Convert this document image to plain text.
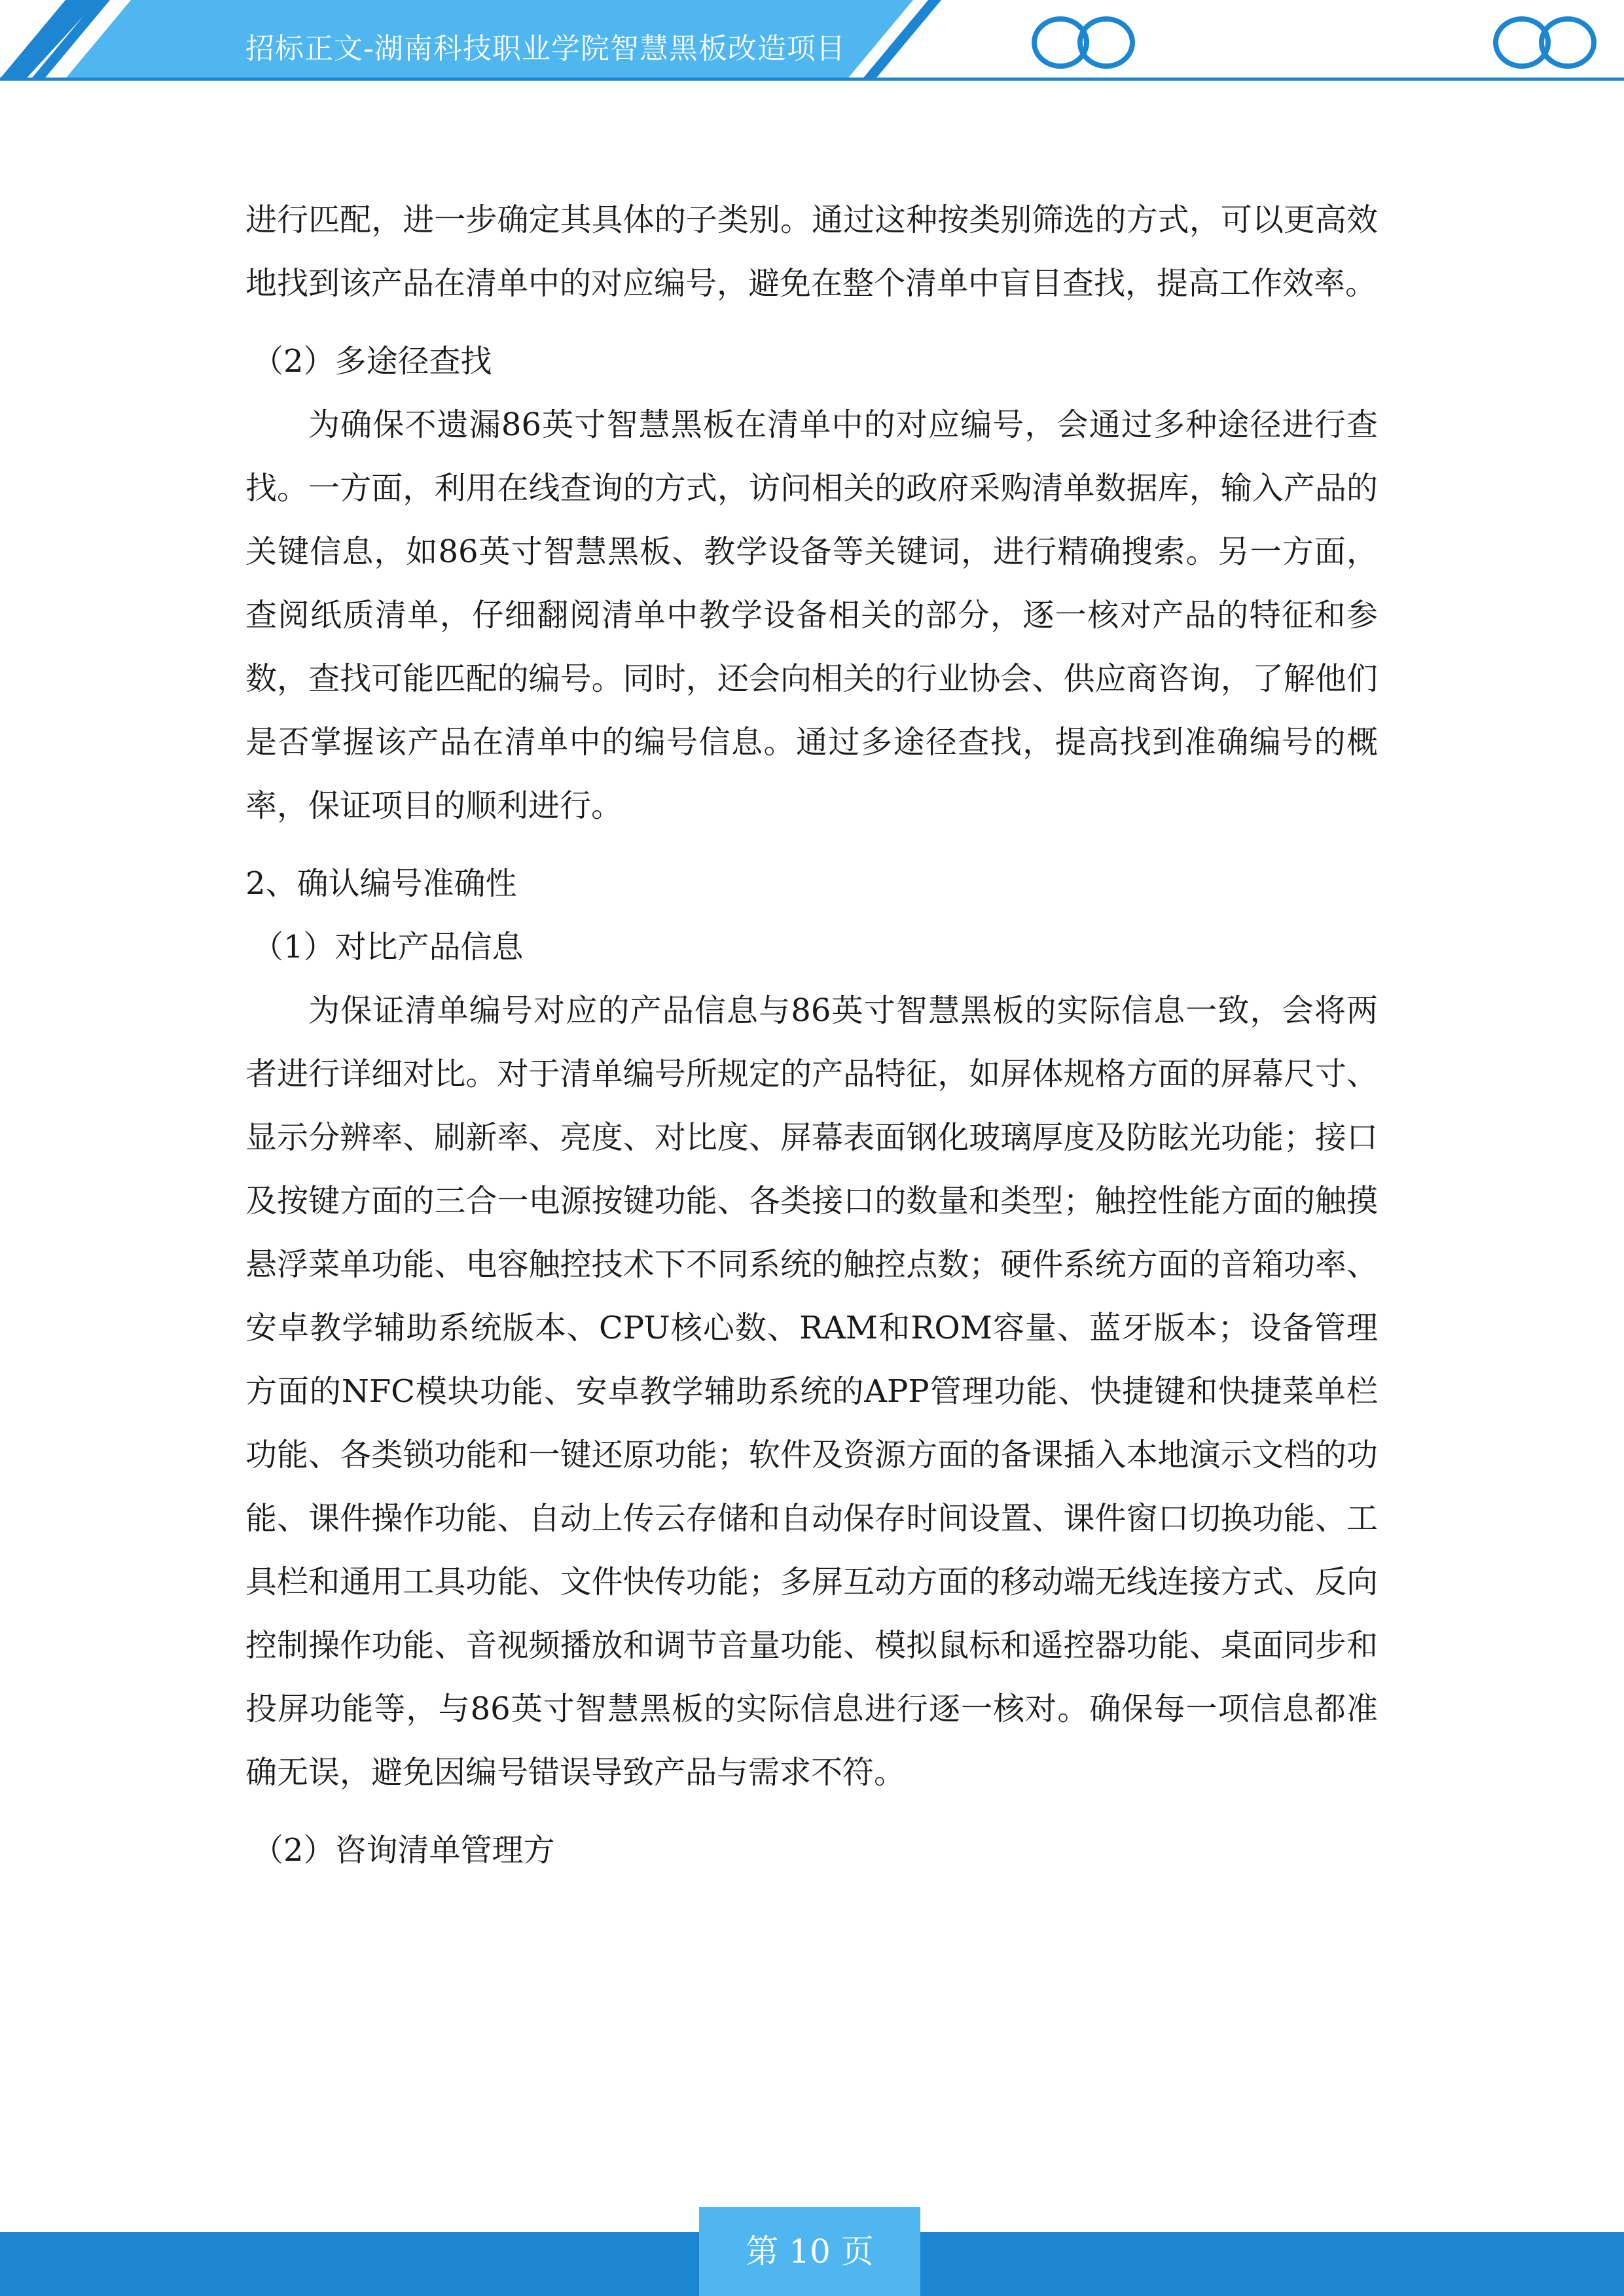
招标正文-湖南科技职业学院智慧黑板改造项目

进行匹配，进一步确定其具体的子类别。通过这种按类别筛选的方式，可以更高效地找到该产品在清单中的对应编号，避免在整个清单中盲目查找，提高工作效率。

（2）多途径查找

为确保不遗漏86英寸智慧黑板在清单中的对应编号，会通过多种途径进行查找。一方面，利用在线查询的方式，访问相关的政府采购清单数据库，输入产品的关键信息，如86英寸智慧黑板、教学设备等关键词，进行精确搜索。另一方面，查阅纸质清单，仔细翻阅清单中教学设备相关的部分，逐一核对产品的特征和参数，查找可能匹配的编号。同时，还会向相关的行业协会、供应商咨询，了解他们是否掌握该产品在清单中的编号信息。通过多途径查找，提高找到准确编号的概率，保证项目的顺利进行。

2、确认编号准确性

（1）对比产品信息

为保证清单编号对应的产品信息与86英寸智慧黑板的实际信息一致，会将两者进行详细对比。对于清单编号所规定的产品特征，如屏体规格方面的屏幕尺寸、显示分辨率、刷新率、亮度、对比度、屏幕表面钢化玻璃厚度及防眩光功能；接口及按键方面的三合一电源按键功能、各类接口的数量和类型；触控性能方面的触摸悬浮菜单功能、电容触控技术下不同系统的触控点数；硬件系统方面的音箱功率、安卓教学辅助系统版本、CPU核心数、RAM和ROM容量、蓝牙版本；设备管理方面的NFC模块功能、安卓教学辅助系统的APP管理功能、快捷键和快捷菜单栏功能、各类锁功能和一键还原功能；软件及资源方面的备课插入本地演示文档的功能、课件操作功能、自动上传云存储和自动保存时间设置、课件窗口切换功能、工具栏和通用工具功能、文件快传功能；多屏互动方面的移动端无线连接方式、反向控制操作功能、音视频播放和调节音量功能、模拟鼠标和遥控器功能、桌面同步和投屏功能等，与86英寸智慧黑板的实际信息进行逐一核对。确保每一项信息都准确无误，避免因编号错误导致产品与需求不符。

（2）咨询清单管理方

第 10 页
